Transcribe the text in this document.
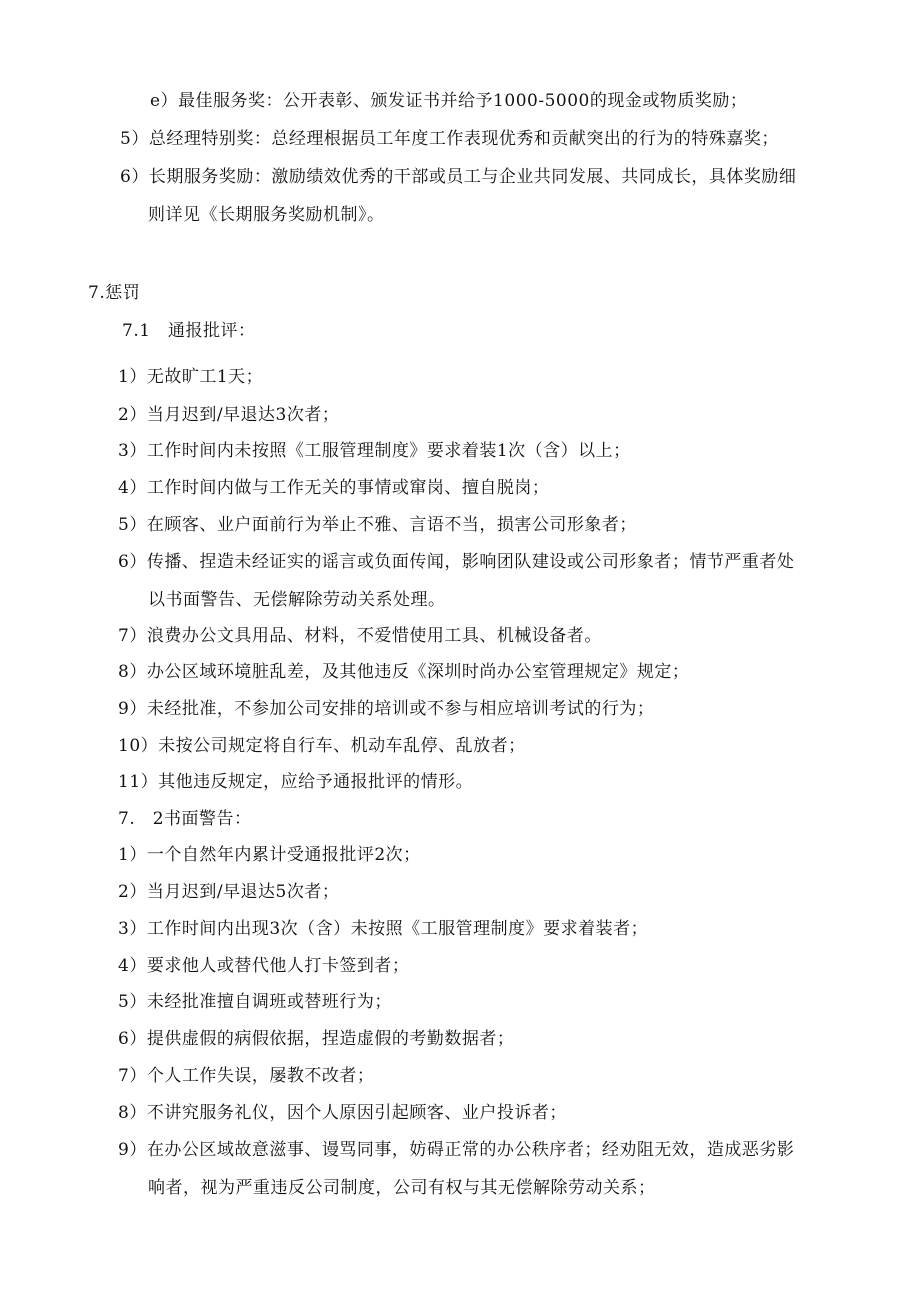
e）最佳服务奖：公开表彰、颁发证书并给予1000-5000的现金或物质奖励；
5）总经理特别奖：总经理根据员工年度工作表现优秀和贡献突出的行为的特殊嘉奖；
6）长期服务奖励：激励绩效优秀的干部或员工与企业共同发展、共同成长，具体奖励细
则详见《长期服务奖励机制》。
7.惩罚
7.1　通报批评：
1）无故旷工1天；
2）当月迟到/早退达3次者；
3）工作时间内未按照《工服管理制度》要求着装1次（含）以上；
4）工作时间内做与工作无关的事情或窜岗、擅自脱岗；
5）在顾客、业户面前行为举止不雅、言语不当，损害公司形象者；
6）传播、捏造未经证实的谣言或负面传闻，影响团队建设或公司形象者；情节严重者处
以书面警告、无偿解除劳动关系处理。
7）浪费办公文具用品、材料，不爱惜使用工具、机械设备者。
8）办公区域环境脏乱差，及其他违反《深圳时尚办公室管理规定》规定；
9）未经批准，不参加公司安排的培训或不参与相应培训考试的行为；
10）未按公司规定将自行车、机动车乱停、乱放者；
11）其他违反规定，应给予通报批评的情形。
7.　2书面警告：
1）一个自然年内累计受通报批评2次；
2）当月迟到/早退达5次者；
3）工作时间内出现3次（含）未按照《工服管理制度》要求着装者；
4）要求他人或替代他人打卡签到者；
5）未经批准擅自调班或替班行为；
6）提供虚假的病假依据，捏造虚假的考勤数据者；
7）个人工作失误，屡教不改者；
8）不讲究服务礼仪，因个人原因引起顾客、业户投诉者；
9）在办公区域故意滋事、谩骂同事，妨碍正常的办公秩序者；经劝阻无效，造成恶劣影
响者，视为严重违反公司制度，公司有权与其无偿解除劳动关系；
